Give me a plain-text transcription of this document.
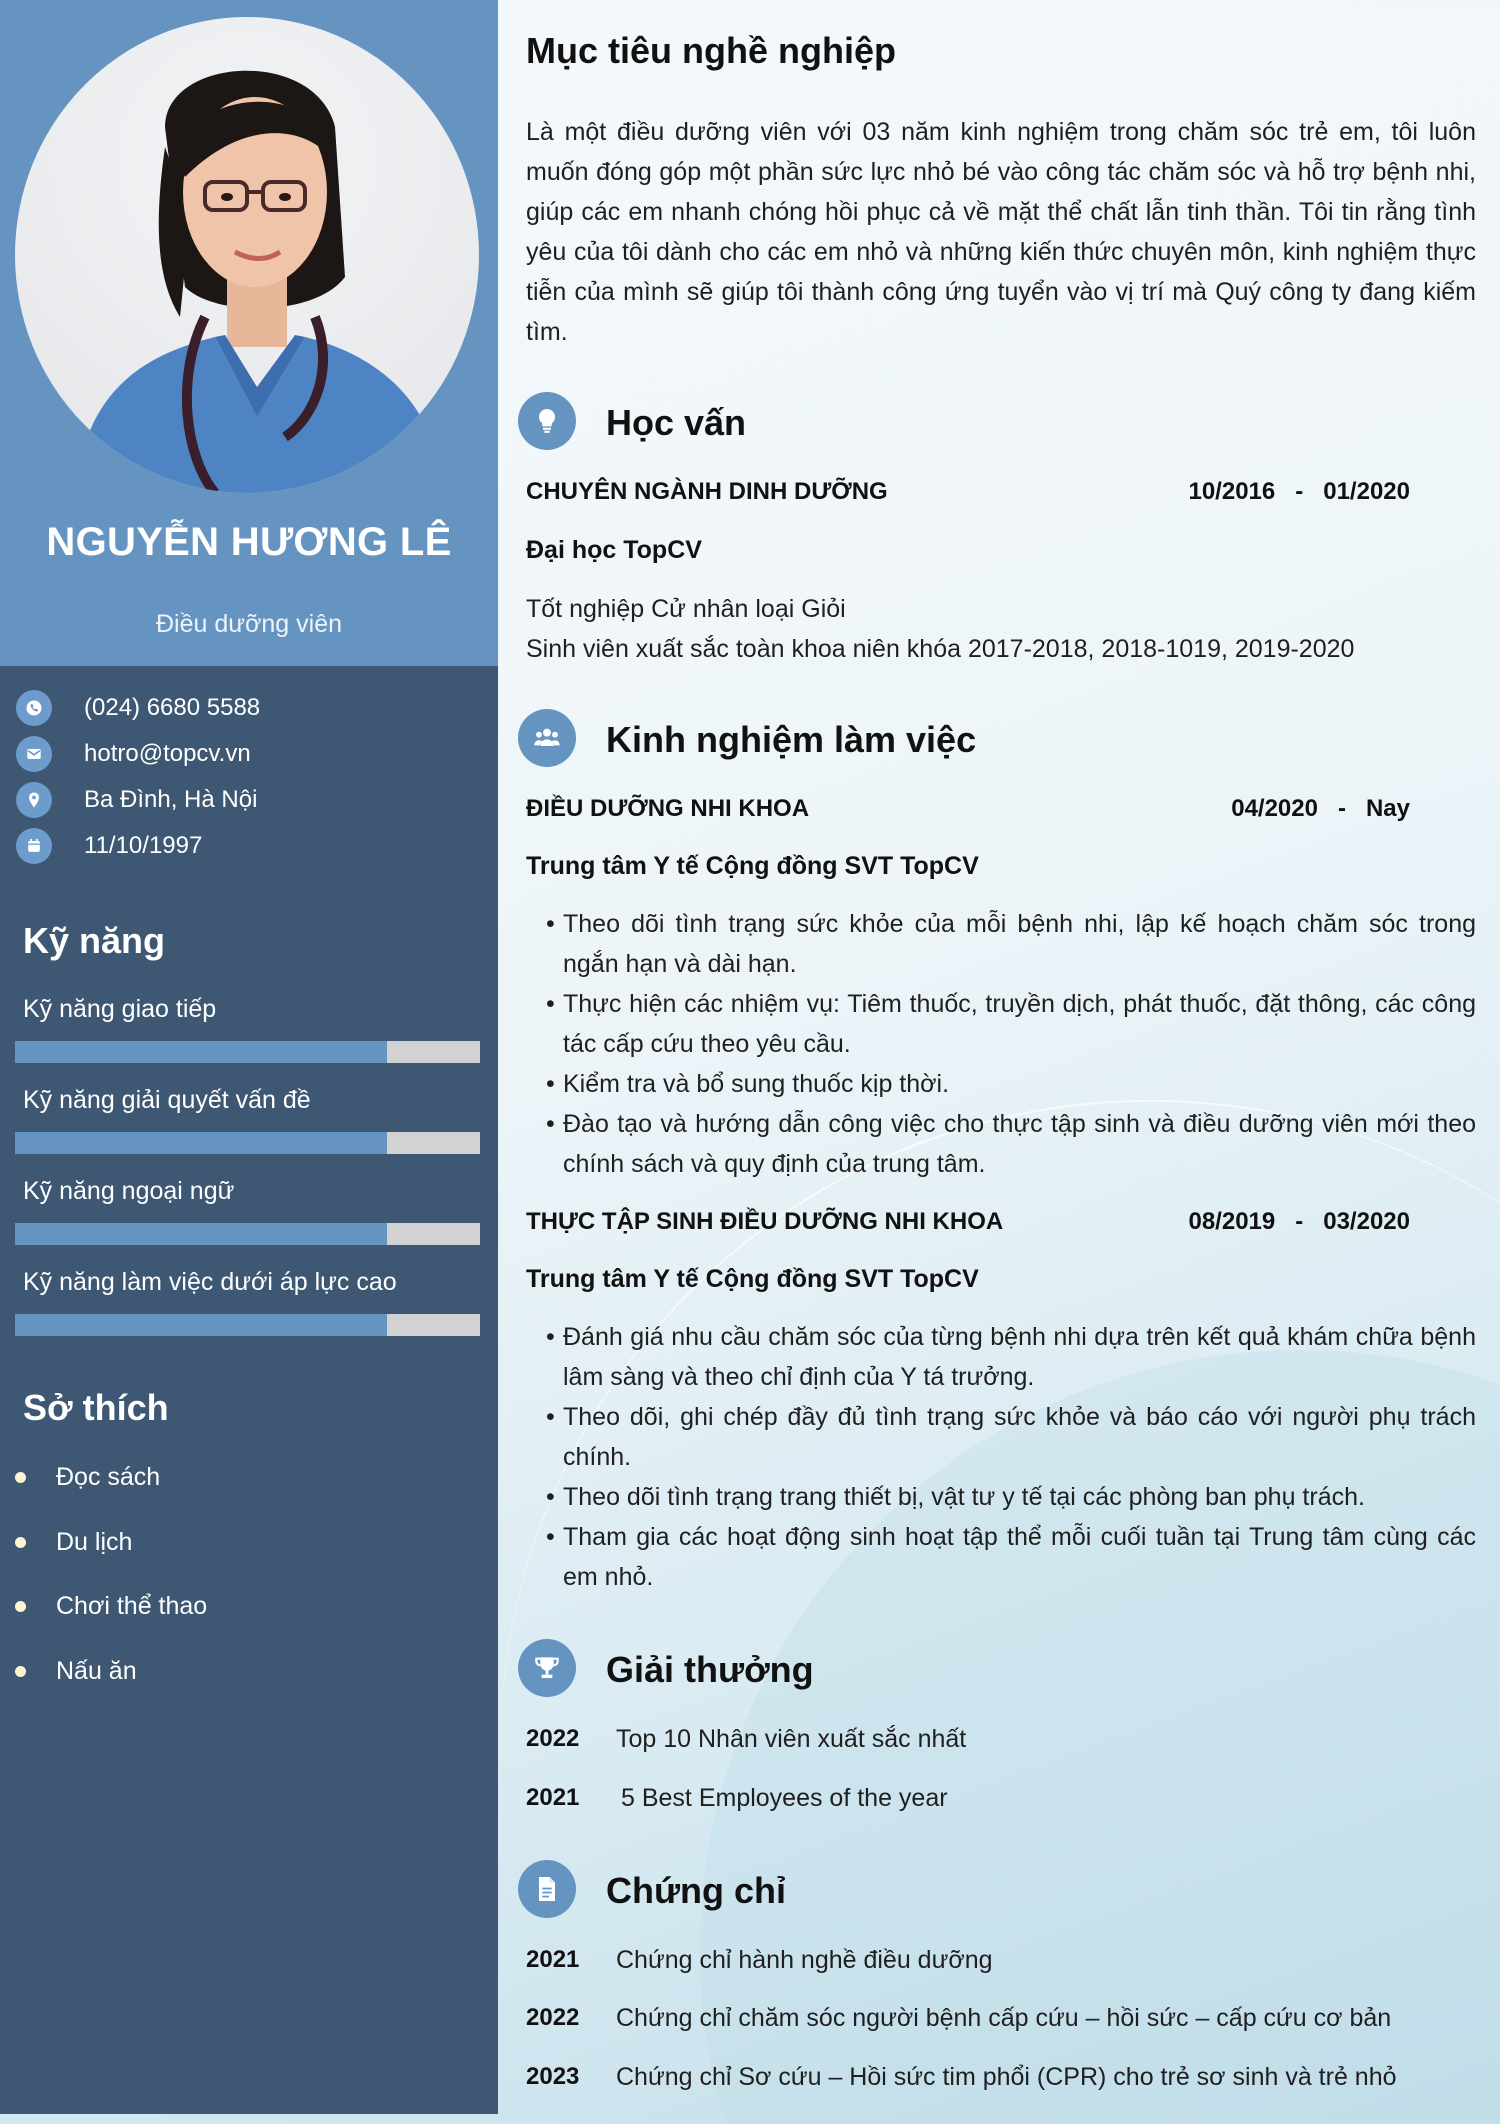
NGUYỄN HƯƠNG LÊ
Điều dưỡng viên
(024) 6680 5588
hotro@topcv.vn
Ba Đình, Hà Nội
11/10/1997
Kỹ năng
Kỹ năng giao tiếp
Kỹ năng giải quyết vấn đề
Kỹ năng ngoại ngữ
Kỹ năng làm việc dưới áp lực cao
Sở thích
Đọc sách
Du lịch
Chơi thể thao
Nấu ăn
Mục tiêu nghề nghiệp
Là một điều dưỡng viên với 03 năm kinh nghiệm trong chăm sóc trẻ em, tôi luôn muốn đóng góp một phần sức lực nhỏ bé vào công tác chăm sóc và hỗ trợ bệnh nhi, giúp các em nhanh chóng hồi phục cả về mặt thể chất lẫn tinh thần. Tôi tin rằng tình yêu của tôi dành cho các em nhỏ và những kiến thức chuyên môn, kinh nghiệm thực tiễn của mình sẽ giúp tôi thành công ứng tuyển vào vị trí mà Quý công ty đang kiếm tìm.
Học vấn
CHUYÊN NGÀNH DINH DƯỠNG	10/2016   -   01/2020
Đại học TopCV
Tốt nghiệp Cử nhân loại Giỏi
Sinh viên xuất sắc toàn khoa niên khóa 2017-2018, 2018-1019, 2019-2020
Kinh nghiệm làm việc
ĐIỀU DƯỠNG NHI KHOA	04/2020   -   Nay
Trung tâm Y tế Cộng đồng SVT TopCV
• Theo dõi tình trạng sức khỏe của mỗi bệnh nhi, lập kế hoạch chăm sóc trong ngắn hạn và dài hạn.
• Thực hiện các nhiệm vụ: Tiêm thuốc, truyền dịch, phát thuốc, đặt thông, các công tác cấp cứu theo yêu cầu.
• Kiểm tra và bổ sung thuốc kịp thời.
• Đào tạo và hướng dẫn công việc cho thực tập sinh và điều dưỡng viên mới theo chính sách và quy định của trung tâm.
THỰC TẬP SINH ĐIỀU DƯỠNG NHI KHOA	08/2019   -   03/2020
Trung tâm Y tế Cộng đồng SVT TopCV
• Đánh giá nhu cầu chăm sóc của từng bệnh nhi dựa trên kết quả khám chữa bệnh lâm sàng và theo chỉ định của Y tá trưởng.
• Theo dõi, ghi chép đầy đủ tình trạng sức khỏe và báo cáo với người phụ trách chính.
• Theo dõi tình trạng trang thiết bị, vật tư y tế tại các phòng ban phụ trách.
• Tham gia các hoạt động sinh hoạt tập thể mỗi cuối tuần tại Trung tâm cùng các em nhỏ.
Giải thưởng
2022 Top 10 Nhân viên xuất sắc nhất
2021 5 Best Employees of the year
Chứng chỉ
2021 Chứng chỉ hành nghề điều dưỡng
2022 Chứng chỉ chăm sóc người bệnh cấp cứu – hồi sức – cấp cứu cơ bản
2023 Chứng chỉ Sơ cứu – Hồi sức tim phổi (CPR) cho trẻ sơ sinh và trẻ nhỏ
